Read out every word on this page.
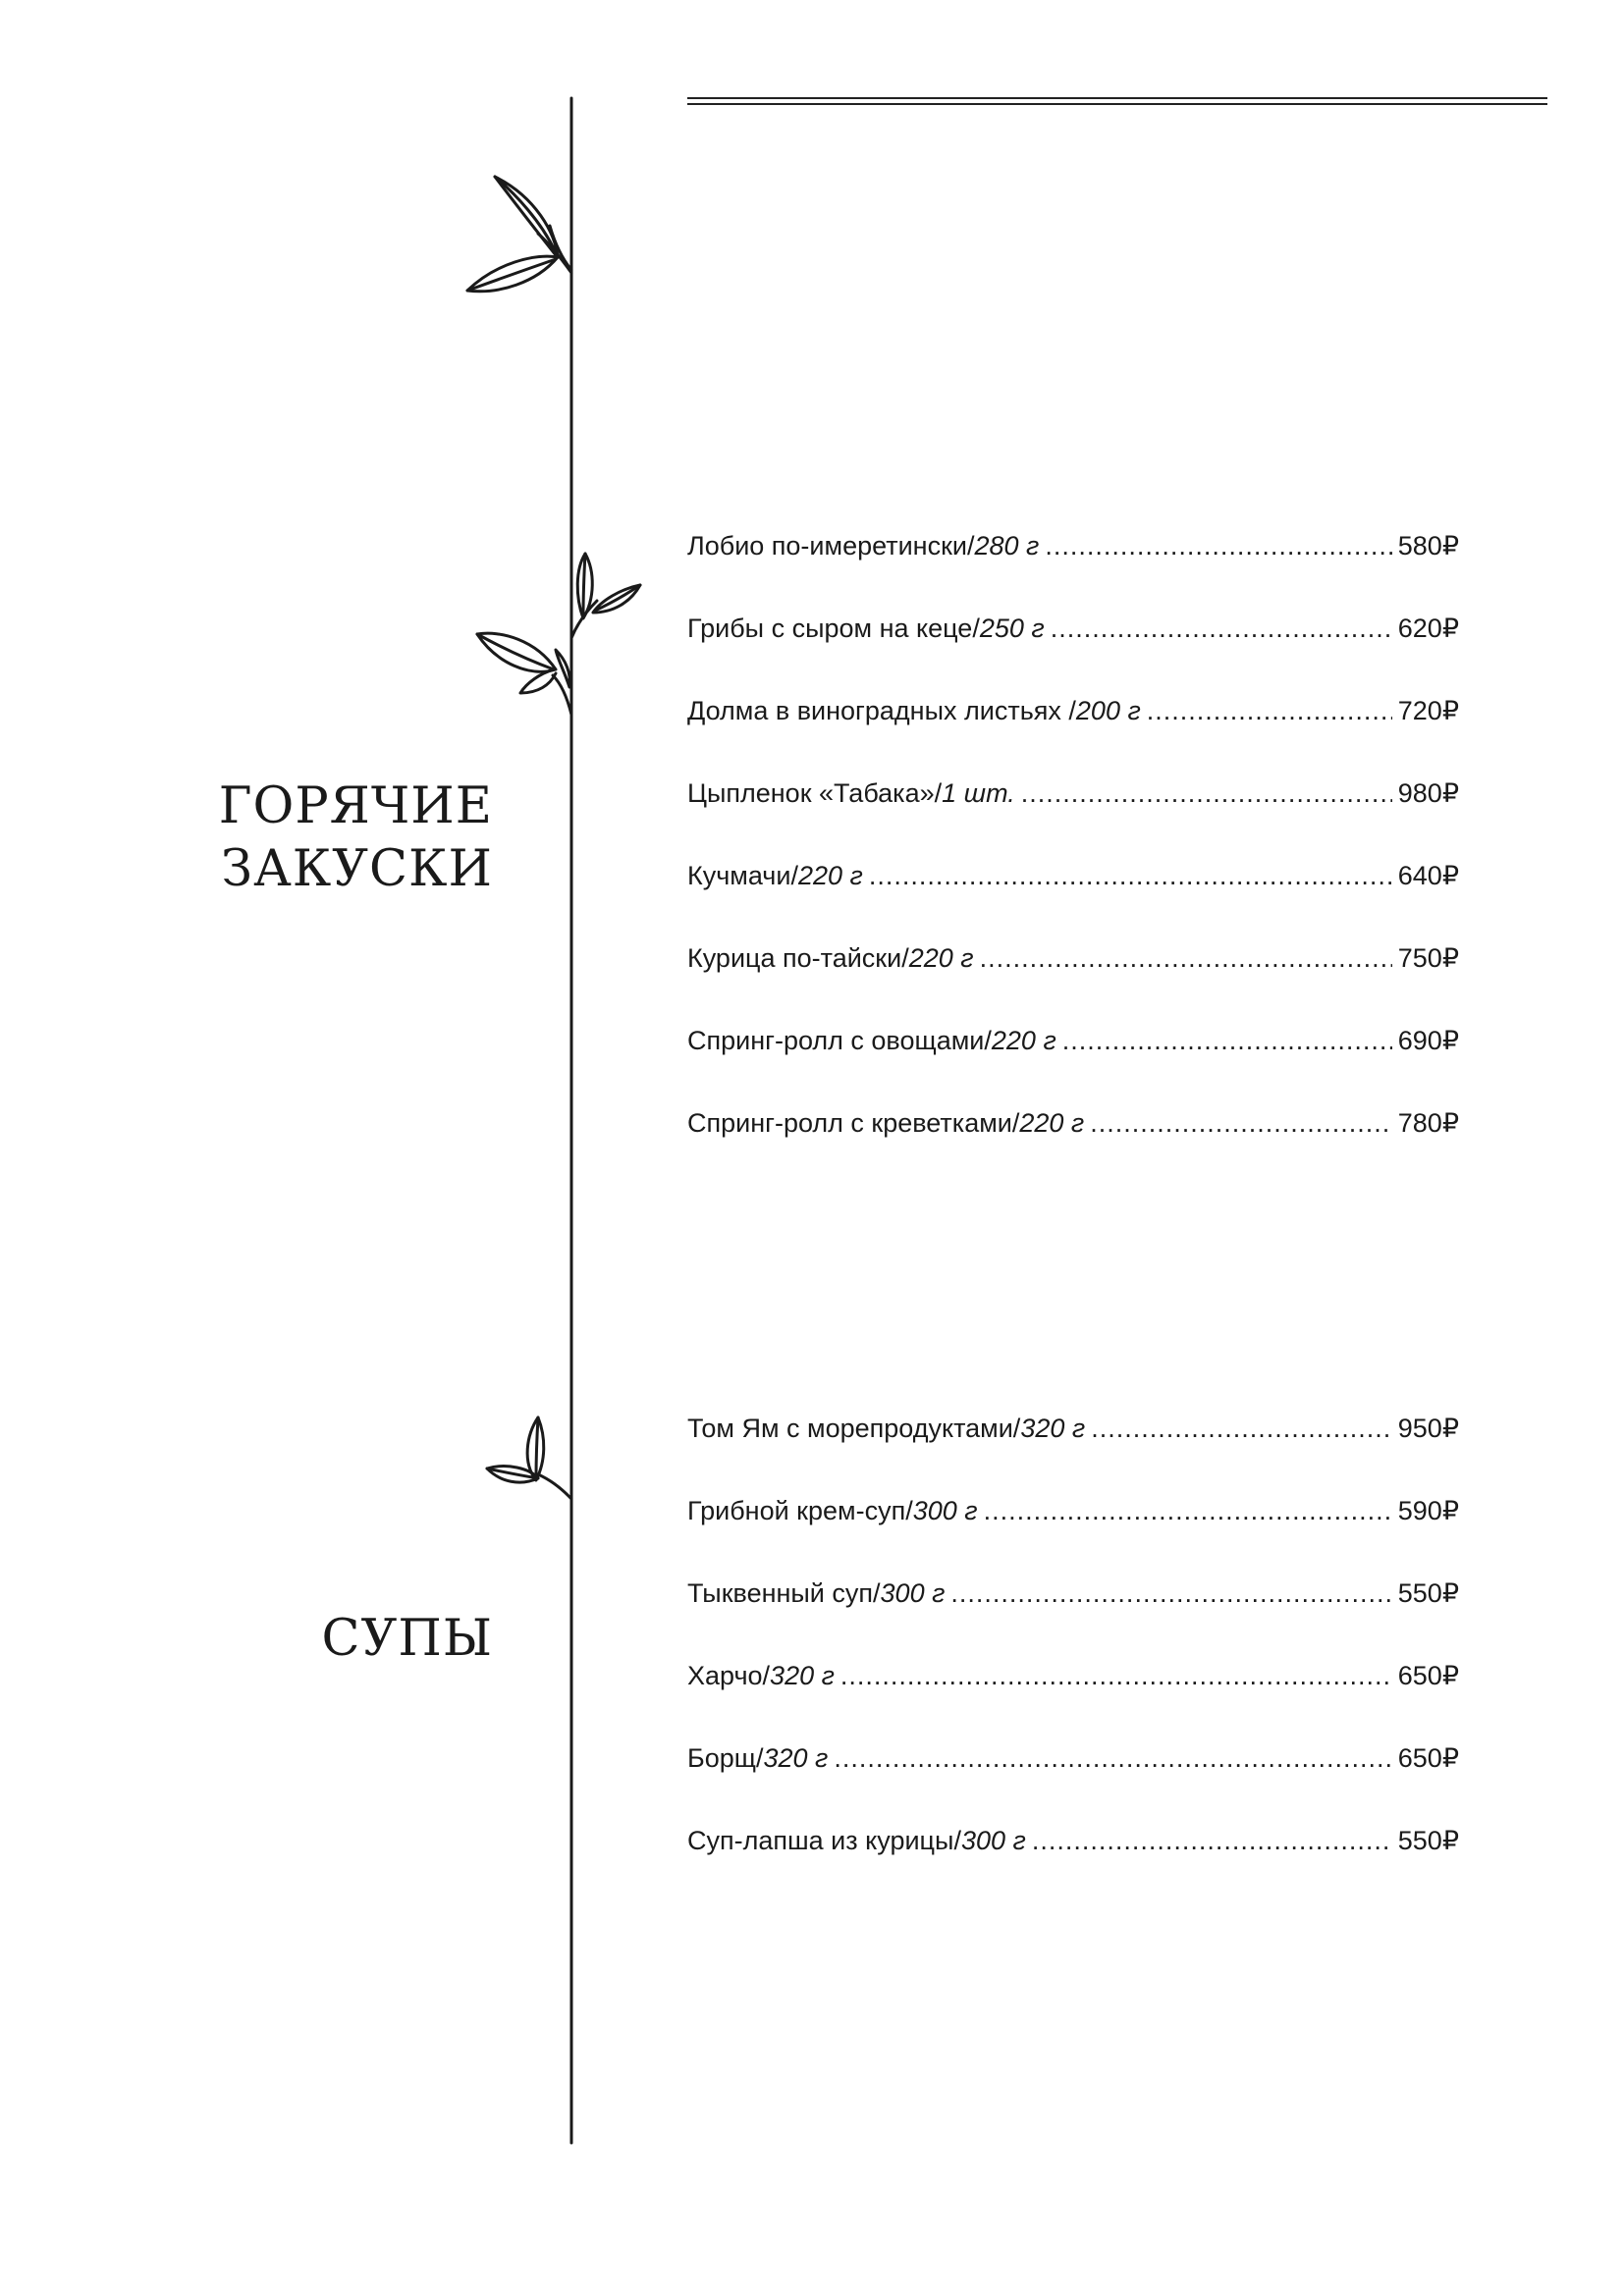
ГОРЯЧИЕ
ЗАКУСКИ
Лобио по-имеретински / 280 г .....	580₽
Грибы с сыром на кеце / 250 г .....	620₽
Долма в виноградных листьях / 200 г .....	720₽
Цыпленок «Табака» / 1 шт. .....	980₽
Кучмачи / 220 г .....	640₽
Курица по-тайски / 220 г .....	750₽
Спринг-ролл с овощами / 220 г .....	690₽
Спринг-ролл с креветками / 220 г .....	780₽
СУПЫ
Том Ям с морепродуктами / 320 г .....	950₽
Грибной крем-суп / 300 г .....	590₽
Тыквенный суп / 300 г .....	550₽
Харчо / 320 г .....	650₽
Борщ / 320 г .....	650₽
Суп-лапша из курицы / 300 г .....	550₽
